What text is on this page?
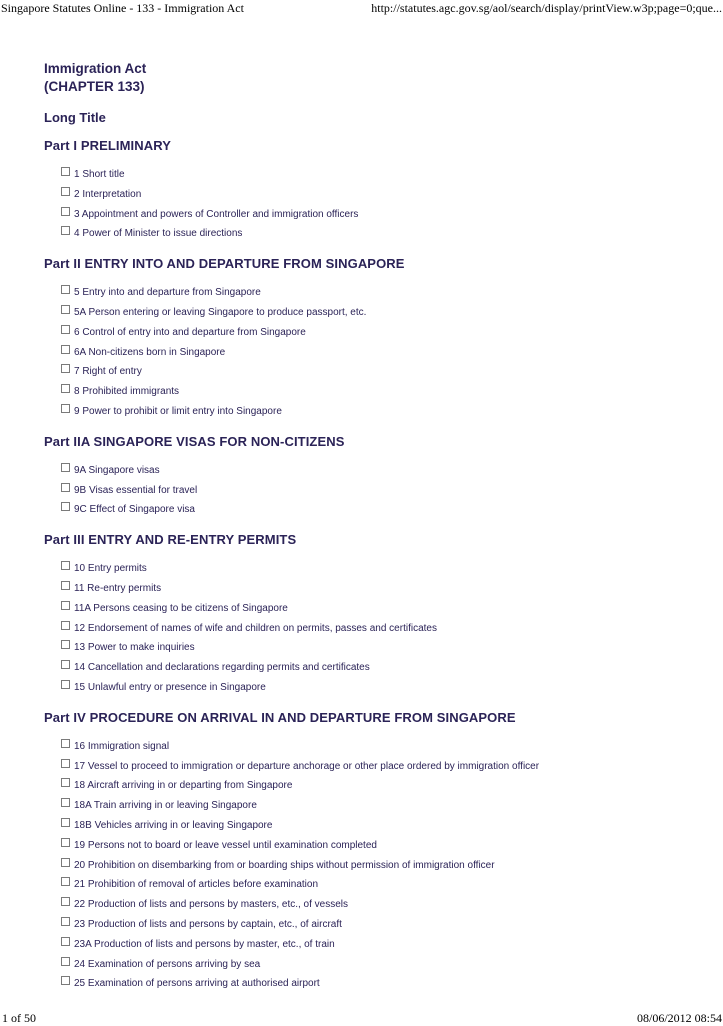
Singapore Statutes Online - 133 - Immigration Act	http://statutes.agc.gov.sg/aol/search/display/printView.w3p;page=0;que...
Immigration Act
(CHAPTER 133)
Long Title
Part I PRELIMINARY
1 Short title
2 Interpretation
3 Appointment and powers of Controller and immigration officers
4 Power of Minister to issue directions
Part II ENTRY INTO AND DEPARTURE FROM SINGAPORE
5 Entry into and departure from Singapore
5A Person entering or leaving Singapore to produce passport, etc.
6 Control of entry into and departure from Singapore
6A Non-citizens born in Singapore
7 Right of entry
8 Prohibited immigrants
9 Power to prohibit or limit entry into Singapore
Part IIA SINGAPORE VISAS FOR NON-CITIZENS
9A Singapore visas
9B Visas essential for travel
9C Effect of Singapore visa
Part III ENTRY AND RE-ENTRY PERMITS
10 Entry permits
11 Re-entry permits
11A Persons ceasing to be citizens of Singapore
12 Endorsement of names of wife and children on permits, passes and certificates
13 Power to make inquiries
14 Cancellation and declarations regarding permits and certificates
15 Unlawful entry or presence in Singapore
Part IV PROCEDURE ON ARRIVAL IN AND DEPARTURE FROM SINGAPORE
16 Immigration signal
17 Vessel to proceed to immigration or departure anchorage or other place ordered by immigration officer
18 Aircraft arriving in or departing from Singapore
18A Train arriving in or leaving Singapore
18B Vehicles arriving in or leaving Singapore
19 Persons not to board or leave vessel until examination completed
20 Prohibition on disembarking from or boarding ships without permission of immigration officer
21 Prohibition of removal of articles before examination
22 Production of lists and persons by masters, etc., of vessels
23 Production of lists and persons by captain, etc., of aircraft
23A Production of lists and persons by master, etc., of train
24 Examination of persons arriving by sea
25 Examination of persons arriving at authorised airport
1 of 50	08/06/2012 08:54
